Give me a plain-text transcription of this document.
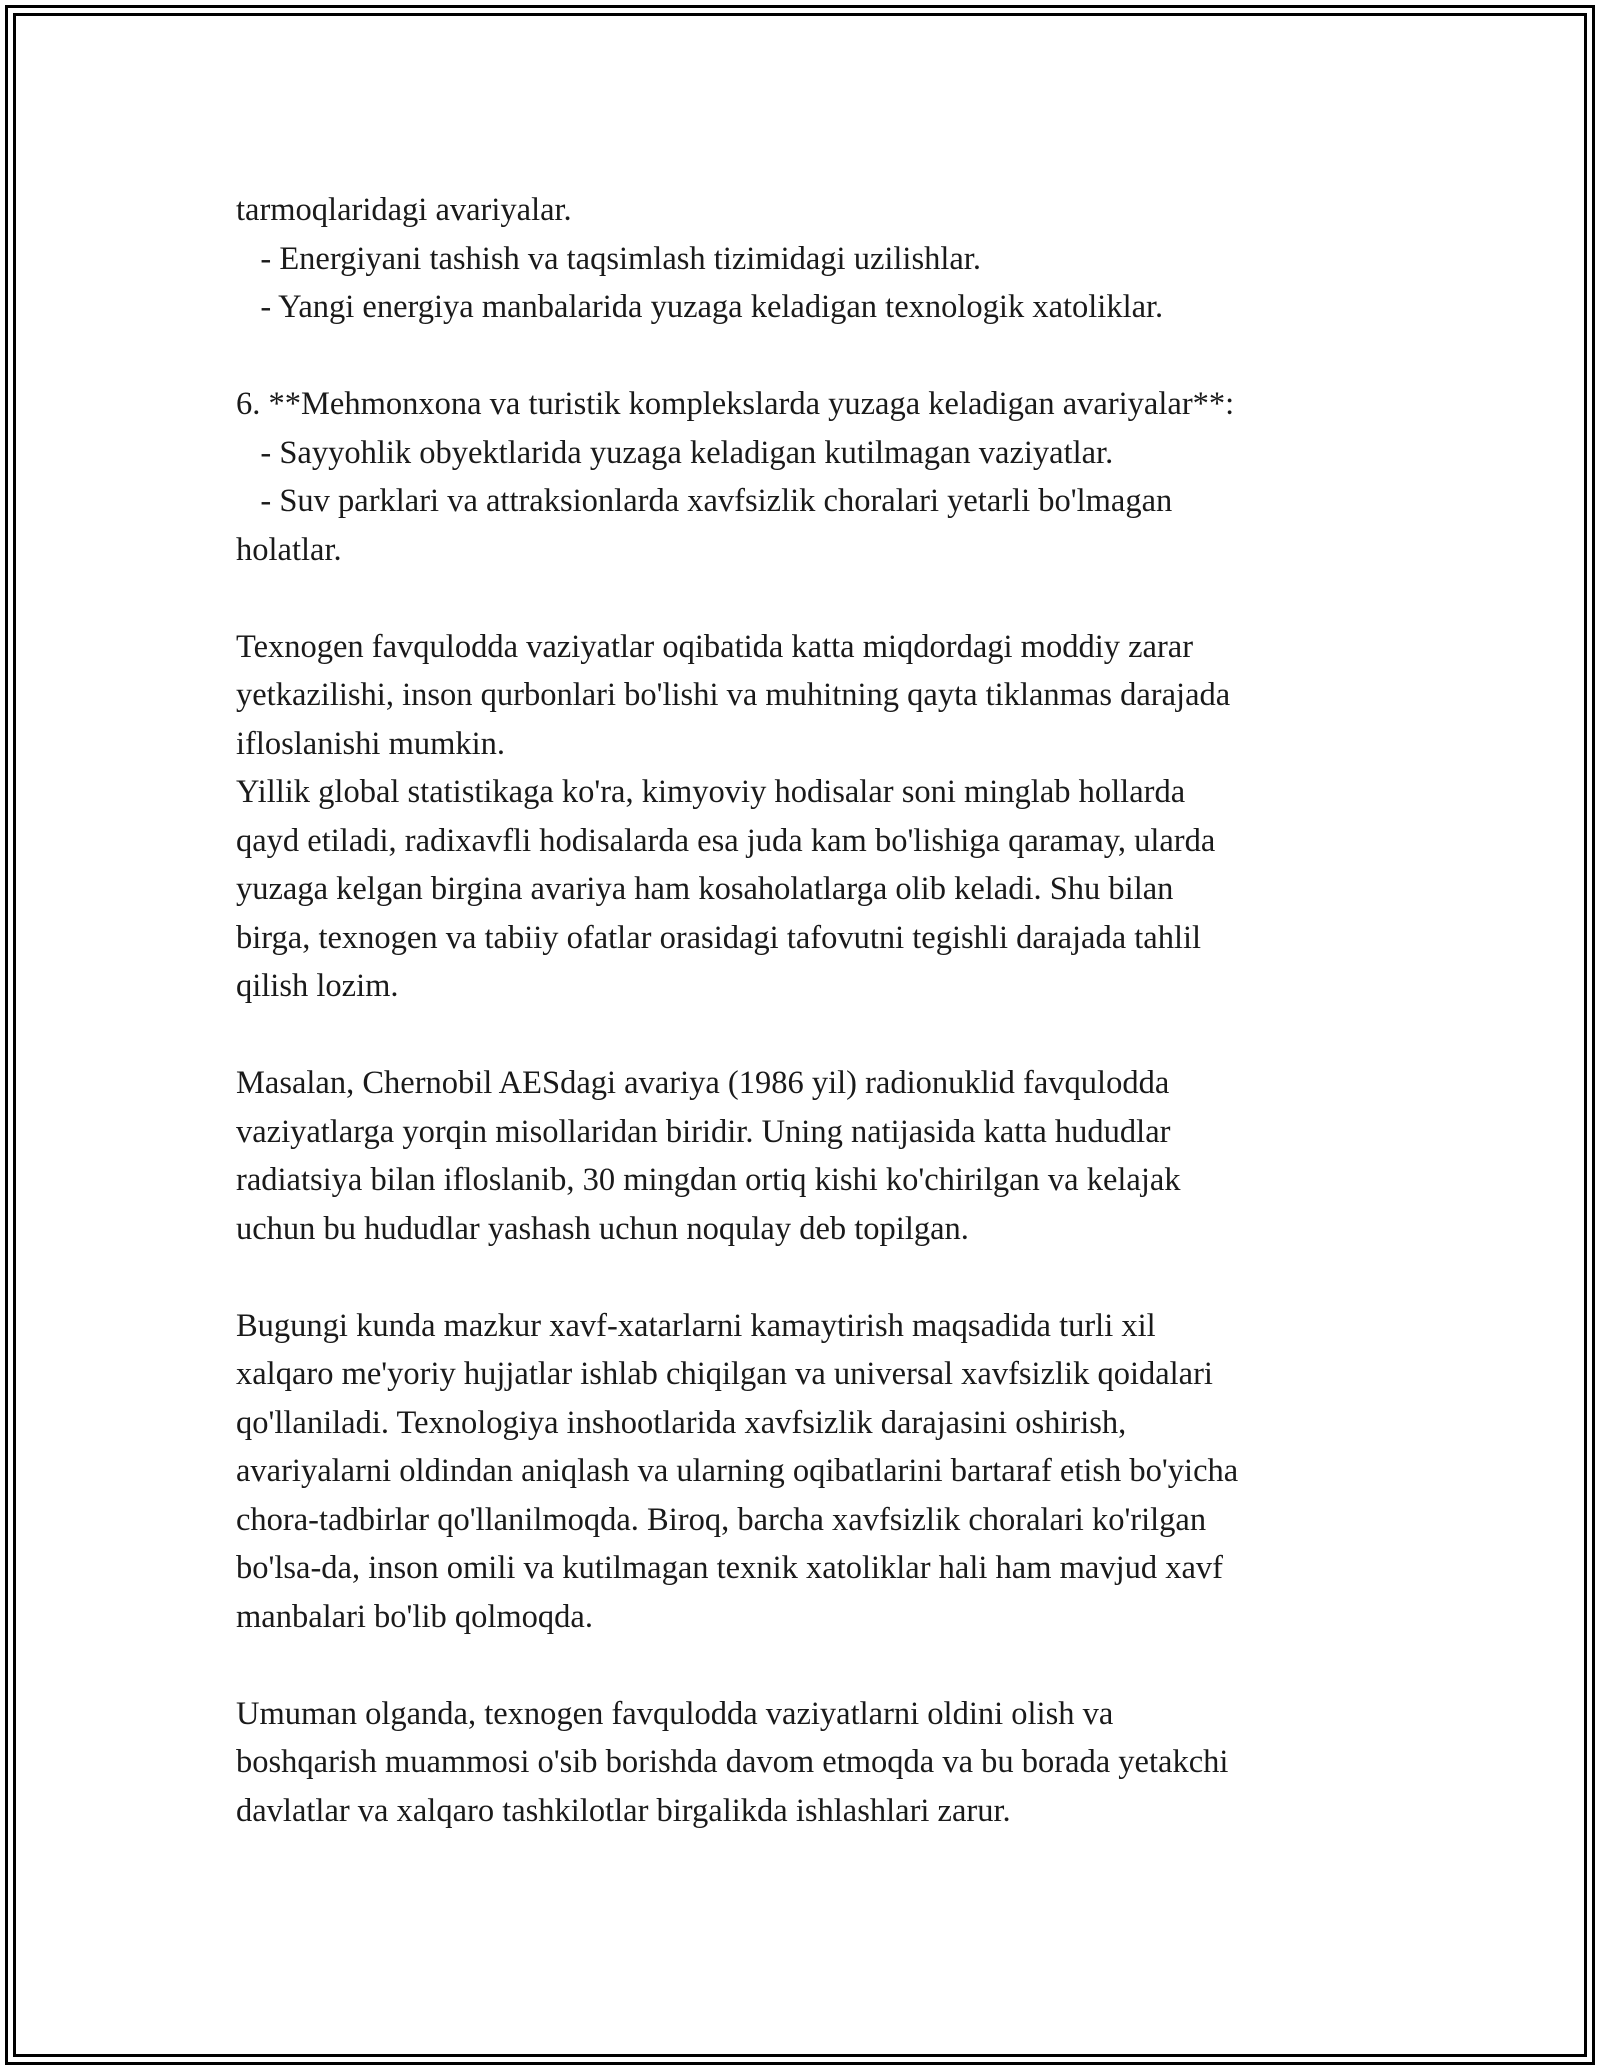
tarmoqlaridagi avariyalar.
- Energiyani tashish va taqsimlash tizimidagi uzilishlar.
- Yangi energiya manbalarida yuzaga keladigan texnologik xatoliklar.
6. **Mehmonxona va turistik komplekslarda yuzaga keladigan avariyalar**:
- Sayyohlik obyektlarida yuzaga keladigan kutilmagan vaziyatlar.
- Suv parklari va attraksionlarda xavfsizlik choralari yetarli bo'lmagan
holatlar.
Texnogen favqulodda vaziyatlar oqibatida katta miqdordagi moddiy zarar
yetkazilishi, inson qurbonlari bo'lishi va muhitning qayta tiklanmas darajada
ifloslanishi mumkin.
Yillik global statistikaga ko'ra, kimyoviy hodisalar soni minglab hollarda
qayd etiladi, radixavfli hodisalarda esa juda kam bo'lishiga qaramay, ularda
yuzaga kelgan birgina avariya ham kosaholatlarga olib keladi. Shu bilan
birga, texnogen va tabiiy ofatlar orasidagi tafovutni tegishli darajada tahlil
qilish lozim.
Masalan, Chernobil AESdagi avariya (1986 yil) radionuklid favqulodda
vaziyatlarga yorqin misollaridan biridir. Uning natijasida katta hududlar
radiatsiya bilan ifloslanib, 30 mingdan ortiq kishi ko'chirilgan va kelajak
uchun bu hududlar yashash uchun noqulay deb topilgan.
Bugungi kunda mazkur xavf-xatarlarni kamaytirish maqsadida turli xil
xalqaro me'yoriy hujjatlar ishlab chiqilgan va universal xavfsizlik qoidalari
qo'llaniladi. Texnologiya inshootlarida xavfsizlik darajasini oshirish,
avariyalarni oldindan aniqlash va ularning oqibatlarini bartaraf etish bo'yicha
chora-tadbirlar qo'llanilmoqda. Biroq, barcha xavfsizlik choralari ko'rilgan
bo'lsa-da, inson omili va kutilmagan texnik xatoliklar hali ham mavjud xavf
manbalari bo'lib qolmoqda.
Umuman olganda, texnogen favqulodda vaziyatlarni oldini olish va
boshqarish muammosi o'sib borishda davom etmoqda va bu borada yetakchi
davlatlar va xalqaro tashkilotlar birgalikda ishlashlari zarur.
